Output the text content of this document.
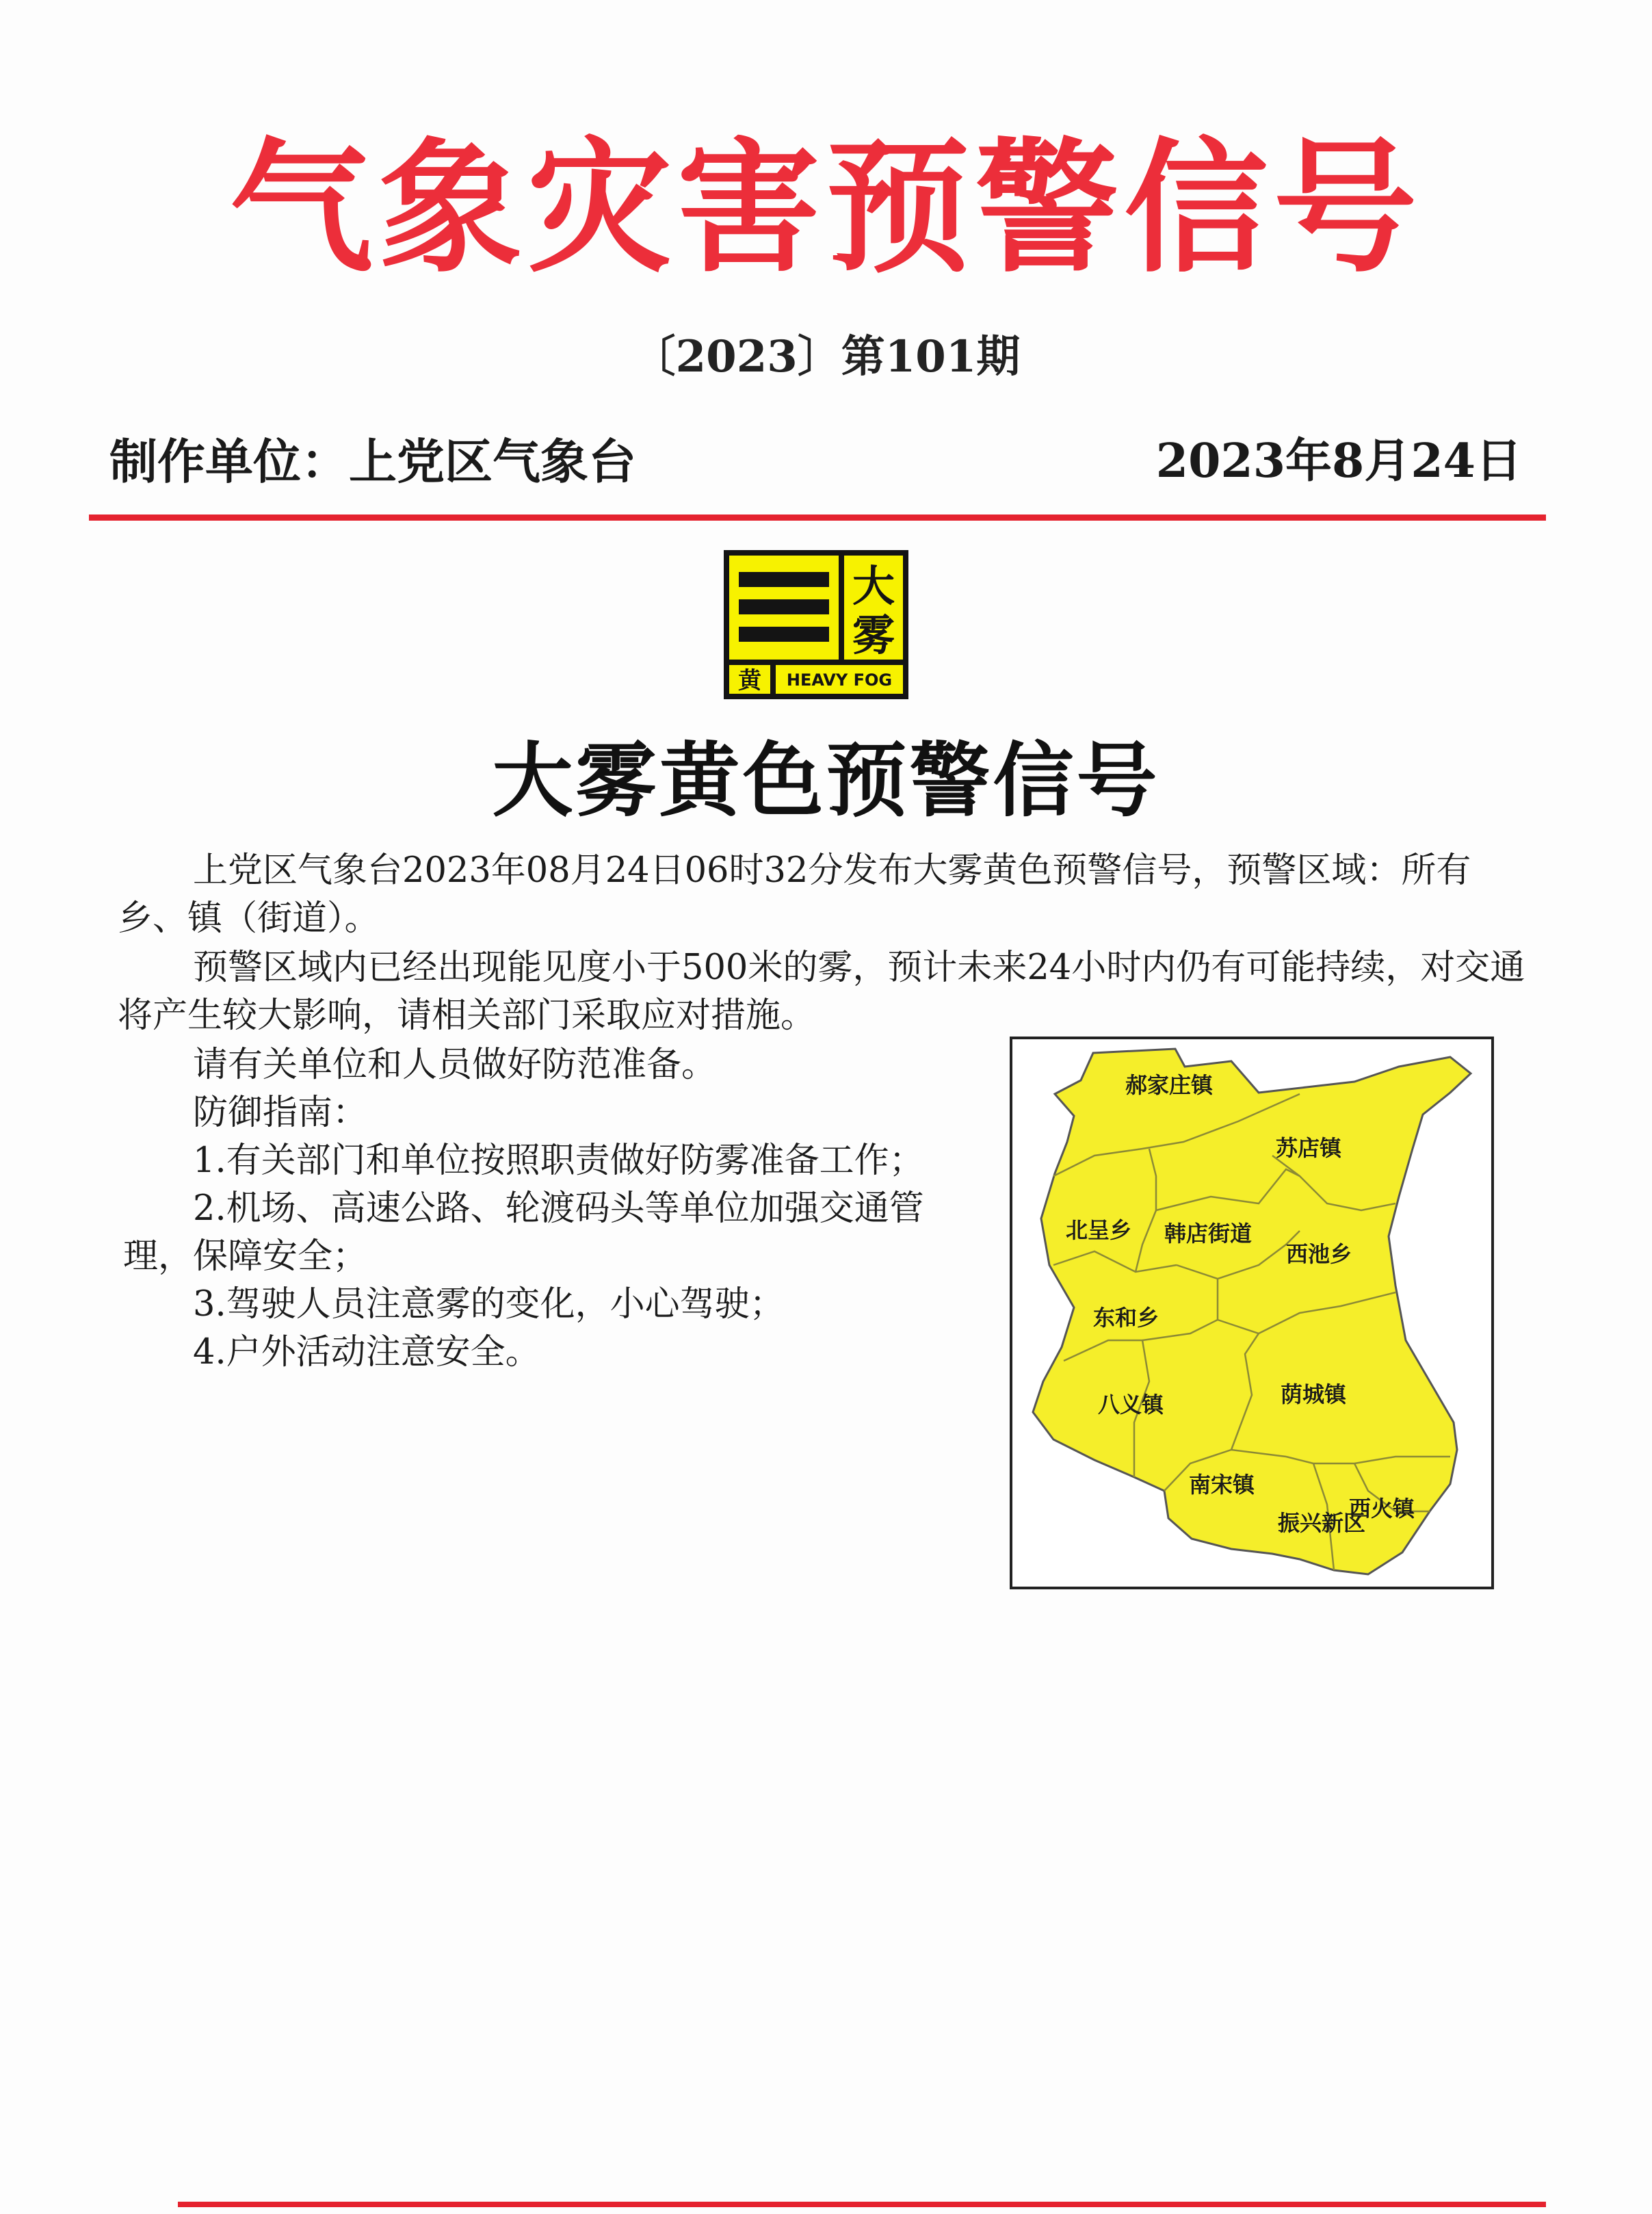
气象灾害预警信号
〔2023〕第101期
制作单位：上党区气象台	2023年8月24日
大
雾
黄 HEAVY FOG
大雾黄色预警信号
上党区气象台2023年08月24日06时32分发布大雾黄色预警信号，预警区域：所有乡、镇（街道）。
预警区域内已经出现能见度小于500米的雾，预计未来24小时内仍有可能持续，对交通将产生较大影响，请相关部门采取应对措施。
请有关单位和人员做好防范准备。
防御指南：
1.有关部门和单位按照职责做好防雾准备工作；
2.机场、高速公路、轮渡码头等单位加强交通管
理，保障安全；
3.驾驶人员注意雾的变化，小心驾驶；
4.户外活动注意安全。
郝家庄镇
苏店镇
北呈乡 韩店街道
西池乡
东和乡
荫城镇
八义镇
南宋镇
西火镇
振兴新区
